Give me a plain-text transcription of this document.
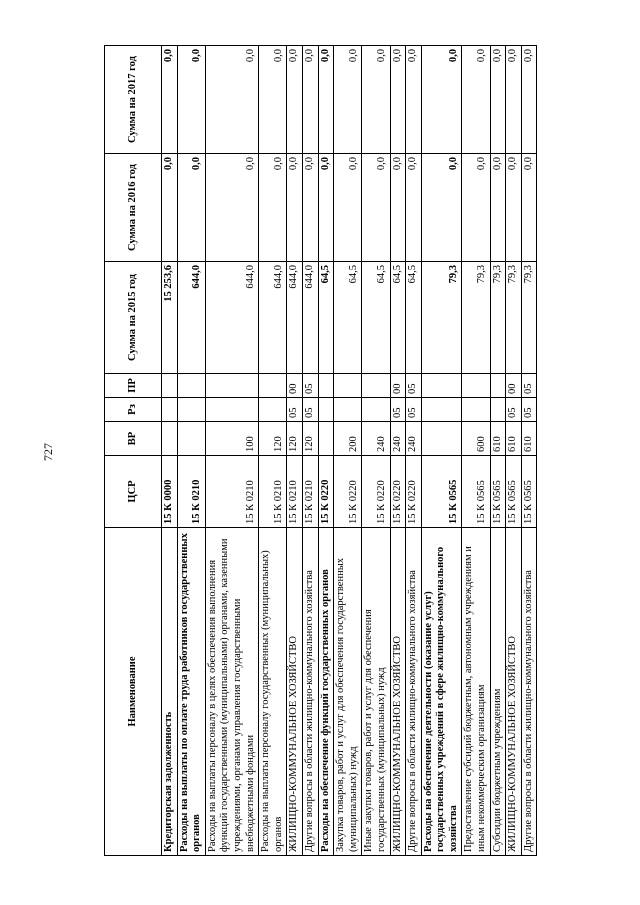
727
Наименование	ЦСР	ВР	Рз	ПР	Сумма на 2015 год	Сумма на 2016 год	Сумма на 2017 год
Кредиторская задолженность	15 К 0000				15 253,6	0,0	0,0
Расходы на выплаты по оплате труда работников государственных органов	15 К 0210				644,0	0,0	0,0
Расходы на выплаты персоналу в целях обеспечения выполнения функций государственными (муниципальными) органами, казенными учреждениями, органами управления государственными внебюджетными фондами	15 К 0210	100			644,0	0,0	0,0
Расходы на выплаты персоналу государственных (муниципальных) органов	15 К 0210	120			644,0	0,0	0,0
ЖИЛИЩНО-КОММУНАЛЬНОЕ ХОЗЯЙСТВО	15 К 0210	120	05	00	644,0	0,0	0,0
Другие вопросы в области жилищно-коммунального хозяйства	15 К 0210	120	05	05	644,0	0,0	0,0
Расходы на обеспечение функций государственных органов	15 К 0220				64,5	0,0	0,0
Закупка товаров, работ и услуг для обеспечения государственных (муниципальных) нужд	15 К 0220	200			64,5	0,0	0,0
Иные закупки товаров, работ и услуг для обеспечения государственных (муниципальных) нужд	15 К 0220	240			64,5	0,0	0,0
ЖИЛИЩНО-КОММУНАЛЬНОЕ ХОЗЯЙСТВО	15 К 0220	240	05	00	64,5	0,0	0,0
Другие вопросы в области жилищно-коммунального хозяйства	15 К 0220	240	05	05	64,5	0,0	0,0
Расходы на обеспечение деятельности (оказание услуг) государственных учреждений в сфере жилищно-коммунального хозяйства	15 К 0565				79,3	0,0	0,0
Предоставление субсидий бюджетным, автономным учреждениям и иным некоммерческим организациям	15 К 0565	600			79,3	0,0	0,0
Субсидии бюджетным учреждениям	15 К 0565	610			79,3	0,0	0,0
ЖИЛИЩНО-КОММУНАЛЬНОЕ ХОЗЯЙСТВО	15 К 0565	610	05	00	79,3	0,0	0,0
Другие вопросы в области жилищно-коммунального хозяйства	15 К 0565	610	05	05	79,3	0,0	0,0
